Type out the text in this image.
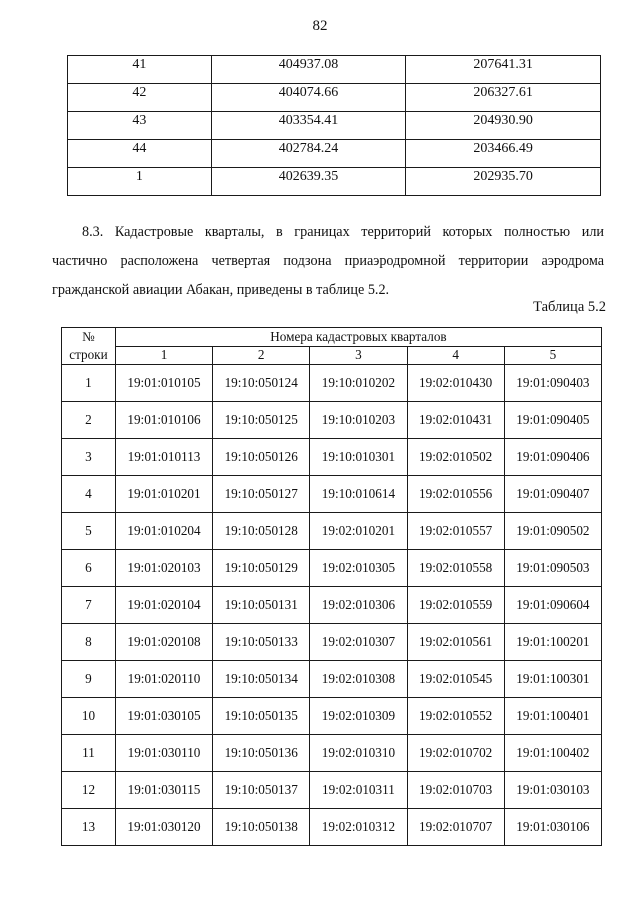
82
41	404937.08	207641.31
42	404074.66	206327.61
43	403354.41	204930.90
44	402784.24	203466.49
1	402639.35	202935.70
8.3. Кадастровые кварталы, в границах территорий которых полностью или
частично расположена четвертая подзона приаэродромной территории аэродрома
гражданской авиации Абакан, приведены в таблице 5.2.
Таблица 5.2
№
строки	Номера кадастровых кварталов				
	1	2	3	4	5
1	19:01:010105	19:10:050124	19:10:010202	19:02:010430	19:01:090403
2	19:01:010106	19:10:050125	19:10:010203	19:02:010431	19:01:090405
3	19:01:010113	19:10:050126	19:10:010301	19:02:010502	19:01:090406
4	19:01:010201	19:10:050127	19:10:010614	19:02:010556	19:01:090407
5	19:01:010204	19:10:050128	19:02:010201	19:02:010557	19:01:090502
6	19:01:020103	19:10:050129	19:02:010305	19:02:010558	19:01:090503
7	19:01:020104	19:10:050131	19:02:010306	19:02:010559	19:01:090604
8	19:01:020108	19:10:050133	19:02:010307	19:02:010561	19:01:100201
9	19:01:020110	19:10:050134	19:02:010308	19:02:010545	19:01:100301
10	19:01:030105	19:10:050135	19:02:010309	19:02:010552	19:01:100401
11	19:01:030110	19:10:050136	19:02:010310	19:02:010702	19:01:100402
12	19:01:030115	19:10:050137	19:02:010311	19:02:010703	19:01:030103
13	19:01:030120	19:10:050138	19:02:010312	19:02:010707	19:01:030106
